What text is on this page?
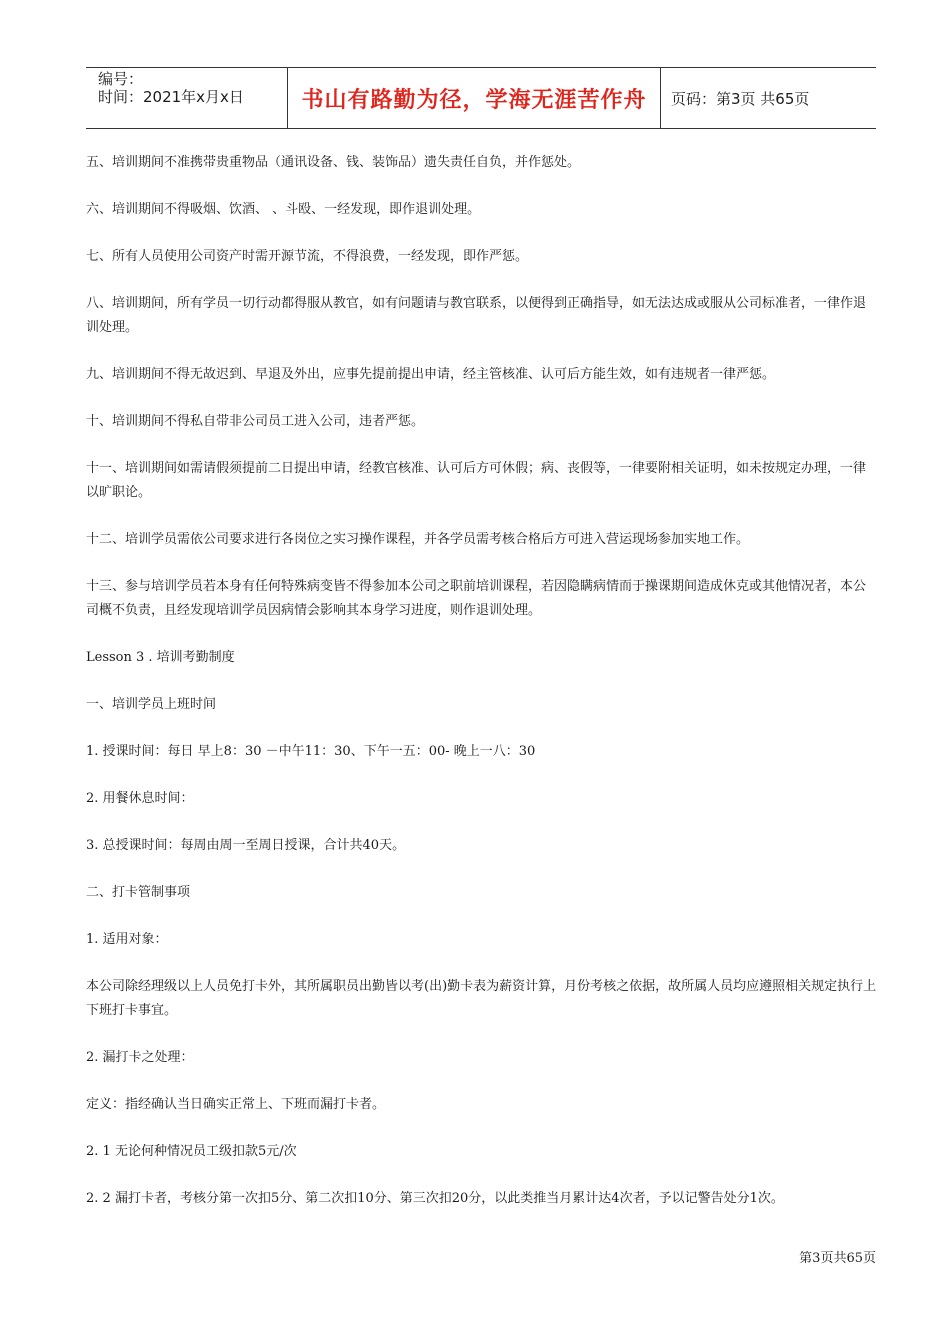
编号：
时间：2021年x月x日	书山有路勤为径，学海无涯苦作舟	页码：第3页 共65页

五、培训期间不准携带贵重物品（通讯设备、钱、装饰品）遗失责任自负，并作惩处。

六、培训期间不得吸烟、饮酒、 、斗殴、一经发现，即作退训处理。

七、所有人员使用公司资产时需开源节流，不得浪费，一经发现，即作严惩。

八、培训期间，所有学员一切行动都得服从教官，如有问题请与教官联系，以便得到正确指导，如无法达成或服从公司标准者，一律作退训处理。

九、培训期间不得无故迟到、早退及外出，应事先提前提出申请，经主管核准、认可后方能生效，如有违规者一律严惩。

十、培训期间不得私自带非公司员工进入公司，违者严惩。

十一、培训期间如需请假须提前二日提出申请，经教官核准、认可后方可休假；病、丧假等，一律要附相关证明，如未按规定办理，一律以旷职论。

十二、培训学员需依公司要求进行各岗位之实习操作课程，并各学员需考核合格后方可进入营运现场参加实地工作。

十三、参与培训学员若本身有任何特殊病变皆不得参加本公司之职前培训课程，若因隐瞒病情而于操课期间造成休克或其他情况者，本公司概不负责，且经发现培训学员因病情会影响其本身学习进度，则作退训处理。

Lesson 3 . 培训考勤制度

一、培训学员上班时间

1. 授课时间：每日 早上8：30 －中午11：30、下午一五：00- 晚上一八：30

2. 用餐休息时间：

3. 总授课时间：每周由周一至周日授课，合计共40天。

二、打卡管制事项

1. 适用对象：

本公司除经理级以上人员免打卡外，其所属职员出勤皆以考(出)勤卡表为薪资计算，月份考核之依据，故所属人员均应遵照相关规定执行上下班打卡事宜。

2. 漏打卡之处理：

定义：指经确认当日确实正常上、下班而漏打卡者。

2. 1 无论何种情况员工级扣款5元/次

2. 2 漏打卡者，考核分第一次扣5分、第二次扣10分、第三次扣20分，以此类推当月累计达4次者，予以记警告处分1次。

第3页共65页
